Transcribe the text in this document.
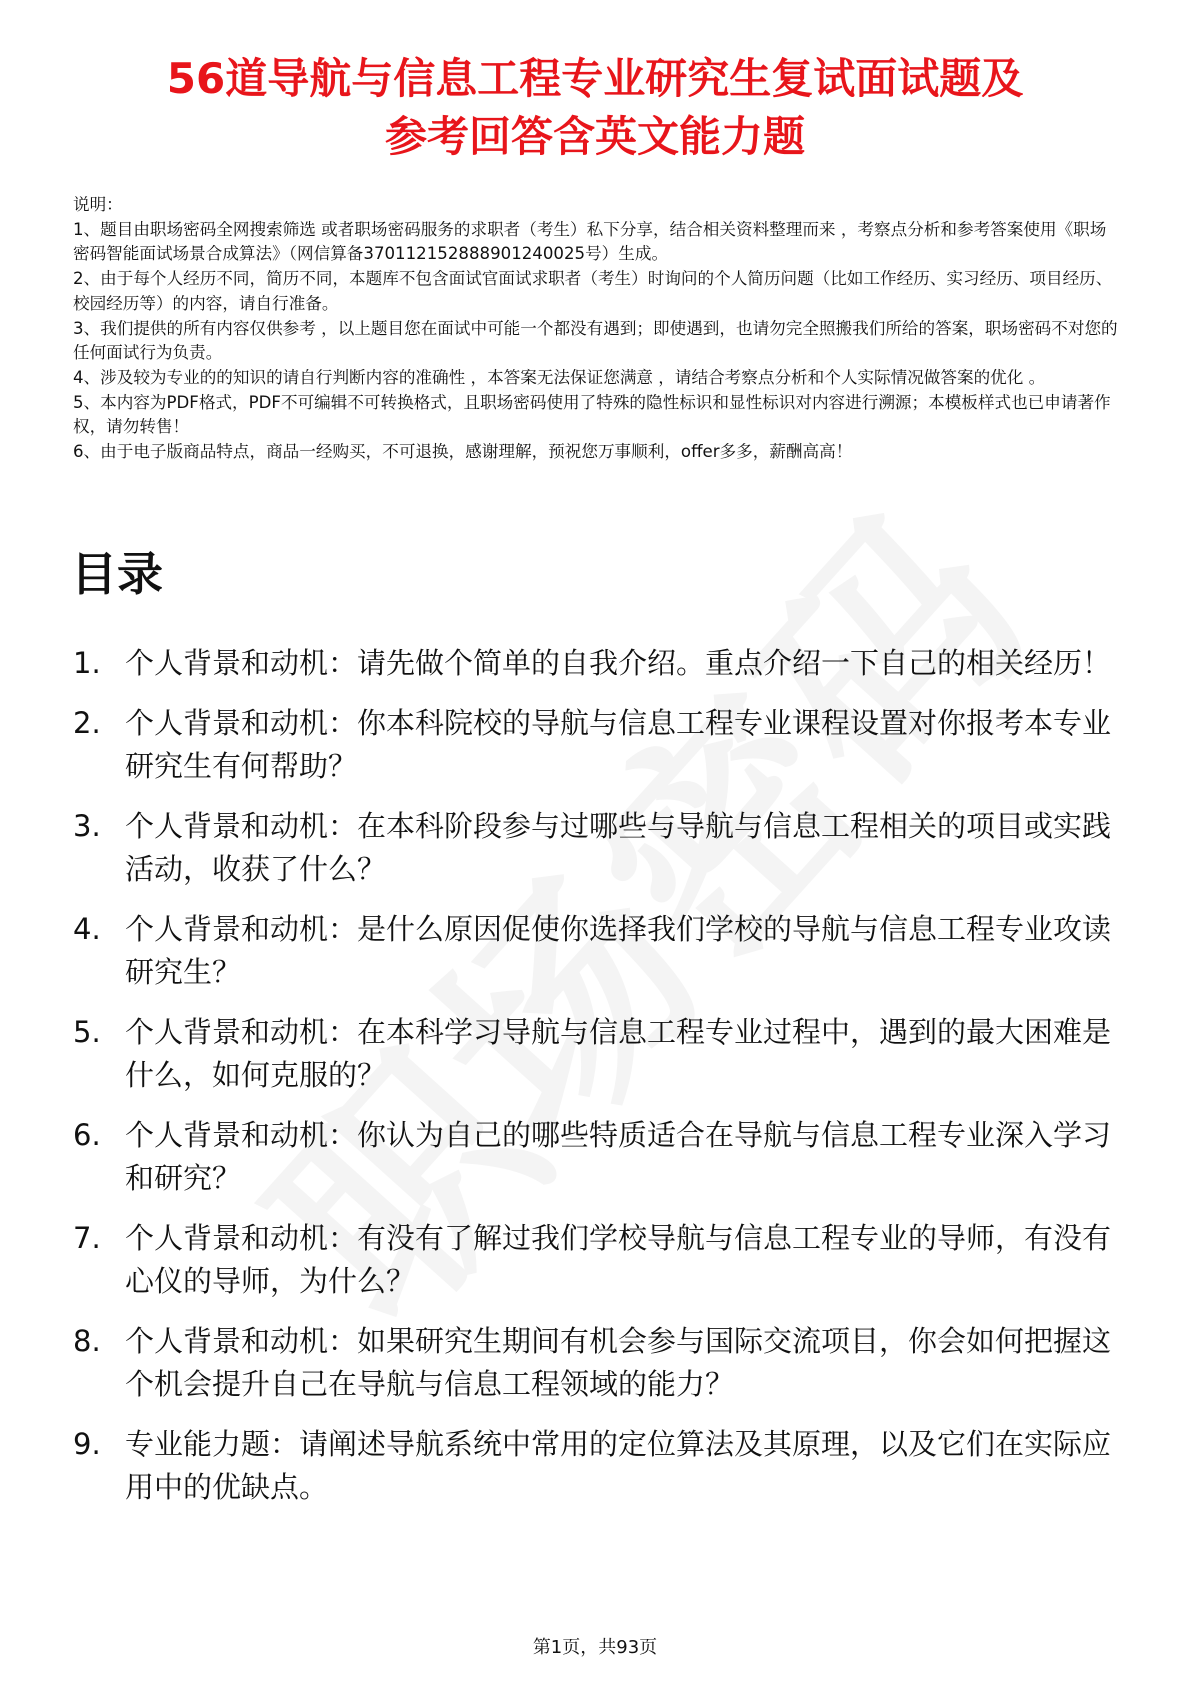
56道导航与信息工程专业研究生复试面试题及
参考回答含英文能力题
说明：
1、题目由职场密码全网搜索筛选 或者职场密码服务的求职者（考生）私下分享，结合相关资料整理而来 ，考察点分析和参考答案使用《职场密码智能面试场景合成算法》（网信算备370112152888901240025号）生成。
2、由于每个人经历不同，简历不同，本题库不包含面试官面试求职者（考生）时询问的个人简历问题（比如工作经历、实习经历、项目经历、校园经历等）的内容，请自行准备。
3、我们提供的所有内容仅供参考 ，以上题目您在面试中可能一个都没有遇到；即使遇到，也请勿完全照搬我们所给的答案，职场密码不对您的任何面试行为负责。
4、涉及较为专业的的知识的请自行判断内容的准确性 ，本答案无法保证您满意 ，请结合考察点分析和个人实际情况做答案的优化 。
5、本内容为PDF格式，PDF不可编辑不可转换格式，且职场密码使用了特殊的隐性标识和显性标识对内容进行溯源；本模板样式也已申请著作权，请勿转售！
6、由于电子版商品特点，商品一经购买，不可退换，感谢理解，预祝您万事顺利，offer多多，薪酬高高！
目录
1. 个人背景和动机：请先做个简单的自我介绍。重点介绍一下自己的相关经历！
2. 个人背景和动机：你本科院校的导航与信息工程专业课程设置对你报考本专业研究生有何帮助？
3. 个人背景和动机：在本科阶段参与过哪些与导航与信息工程相关的项目或实践活动，收获了什么？
4. 个人背景和动机：是什么原因促使你选择我们学校的导航与信息工程专业攻读研究生？
5. 个人背景和动机：在本科学习导航与信息工程专业过程中，遇到的最大困难是什么，如何克服的？
6. 个人背景和动机：你认为自己的哪些特质适合在导航与信息工程专业深入学习和研究？
7. 个人背景和动机：有没有了解过我们学校导航与信息工程专业的导师，有没有心仪的导师，为什么？
8. 个人背景和动机：如果研究生期间有机会参与国际交流项目，你会如何把握这个机会提升自己在导航与信息工程领域的能力？
9. 专业能力题：请阐述导航系统中常用的定位算法及其原理，以及它们在实际应用中的优缺点。
第1页，共93页
